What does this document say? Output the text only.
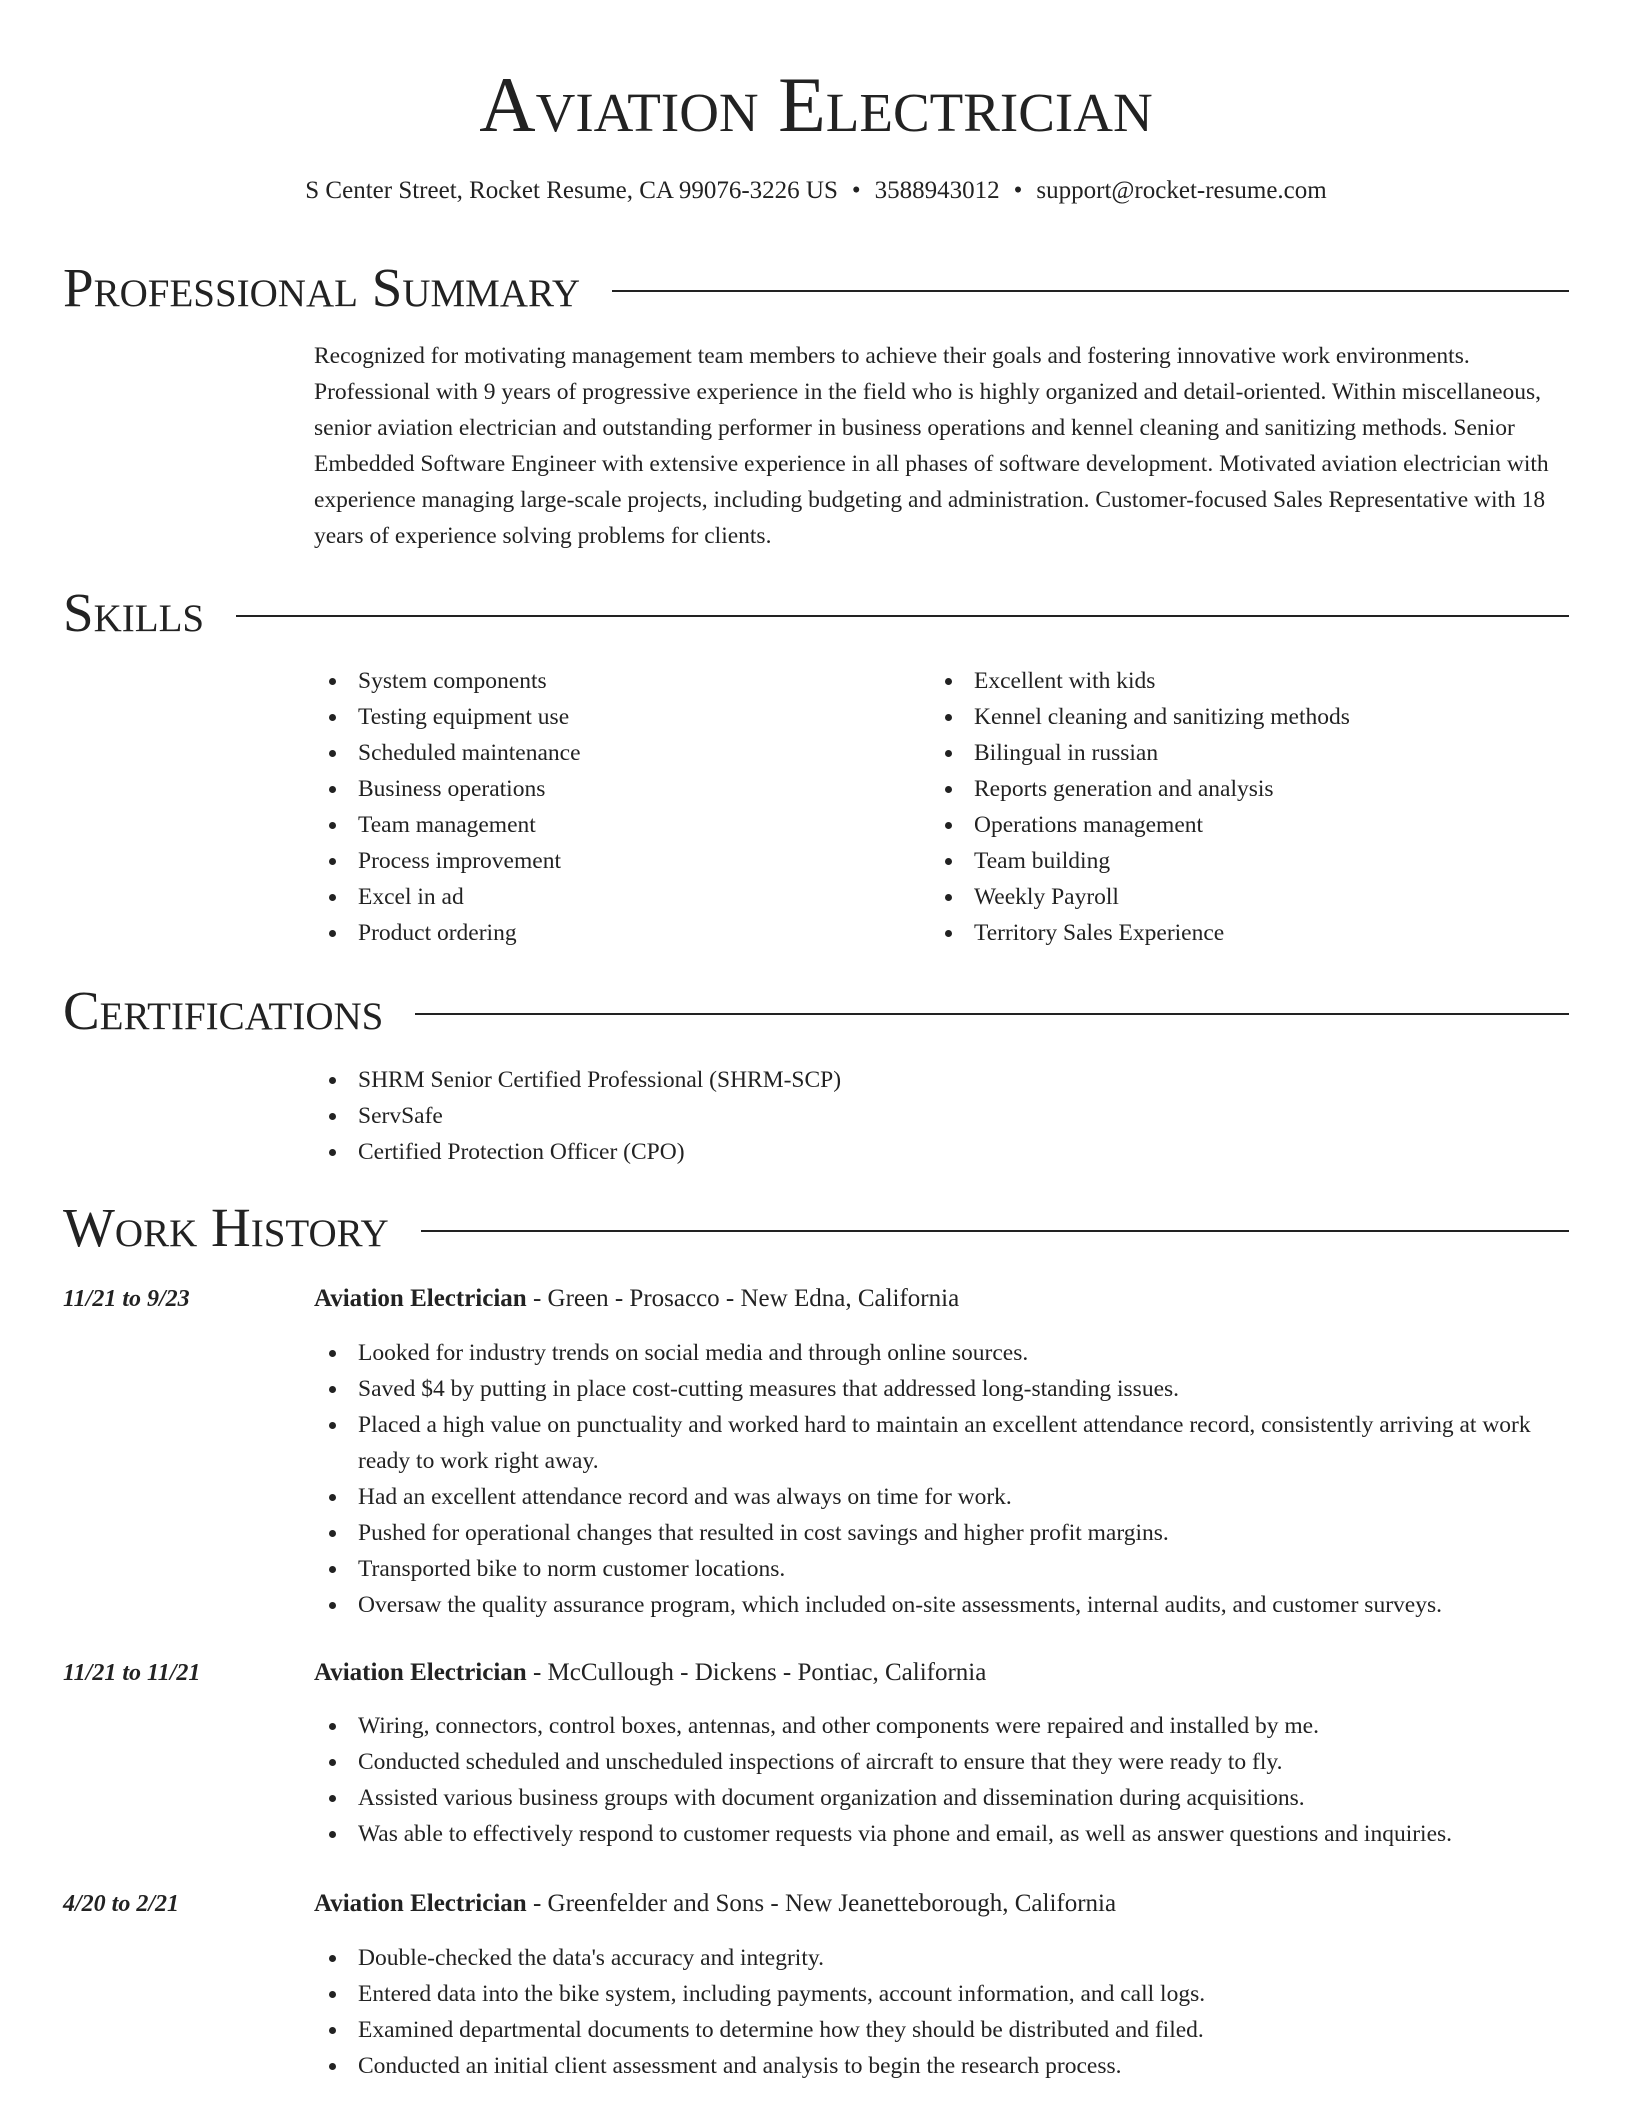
Aviation Electrician
S Center Street, Rocket Resume, CA 99076-3226 US • 3588943012 • support@rocket-resume.com
Professional Summary
Recognized for motivating management team members to achieve their goals and fostering innovative work environments. Professional with 9 years of progressive experience in the field who is highly organized and detail-oriented. Within miscellaneous, senior aviation electrician and outstanding performer in business operations and kennel cleaning and sanitizing methods. Senior Embedded Software Engineer with extensive experience in all phases of software development. Motivated aviation electrician with experience managing large-scale projects, including budgeting and administration. Customer-focused Sales Representative with 18 years of experience solving problems for clients.
Skills
System components
Testing equipment use
Scheduled maintenance
Business operations
Team management
Process improvement
Excel in ad
Product ordering
Excellent with kids
Kennel cleaning and sanitizing methods
Bilingual in russian
Reports generation and analysis
Operations management
Team building
Weekly Payroll
Territory Sales Experience
Certifications
SHRM Senior Certified Professional (SHRM-SCP)
ServSafe
Certified Protection Officer (CPO)
Work History
11/21 to 9/23	Aviation Electrician - Green - Prosacco - New Edna, California
Looked for industry trends on social media and through online sources.
Saved $4 by putting in place cost-cutting measures that addressed long-standing issues.
Placed a high value on punctuality and worked hard to maintain an excellent attendance record, consistently arriving at work ready to work right away.
Had an excellent attendance record and was always on time for work.
Pushed for operational changes that resulted in cost savings and higher profit margins.
Transported bike to norm customer locations.
Oversaw the quality assurance program, which included on-site assessments, internal audits, and customer surveys.
11/21 to 11/21	Aviation Electrician - McCullough - Dickens - Pontiac, California
Wiring, connectors, control boxes, antennas, and other components were repaired and installed by me.
Conducted scheduled and unscheduled inspections of aircraft to ensure that they were ready to fly.
Assisted various business groups with document organization and dissemination during acquisitions.
Was able to effectively respond to customer requests via phone and email, as well as answer questions and inquiries.
4/20 to 2/21	Aviation Electrician - Greenfelder and Sons - New Jeanetteborough, California
Double-checked the data's accuracy and integrity.
Entered data into the bike system, including payments, account information, and call logs.
Examined departmental documents to determine how they should be distributed and filed.
Conducted an initial client assessment and analysis to begin the research process.
